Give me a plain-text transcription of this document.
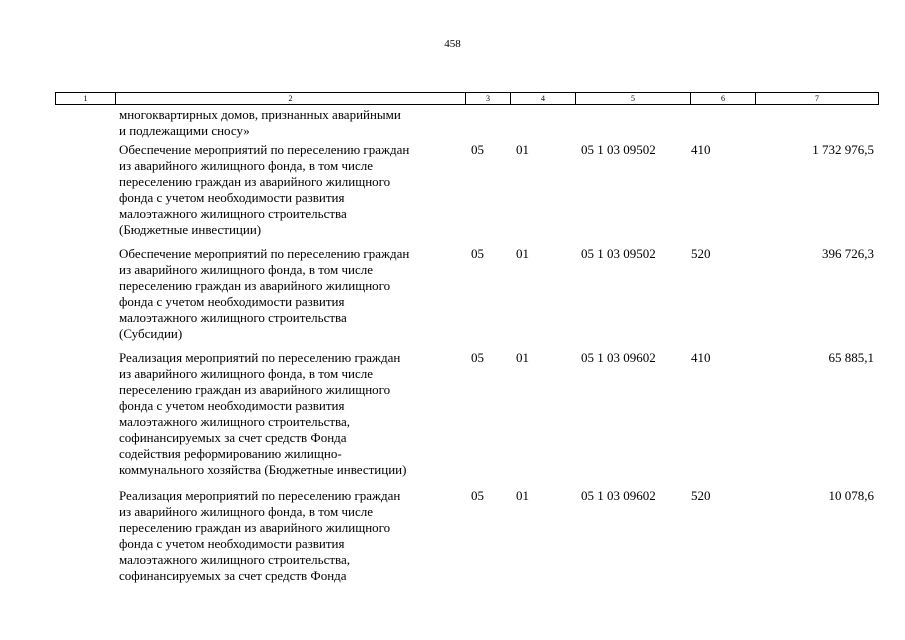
458
1	2	3	4	5	6	7
многоквартирных домов, признанных аварийными
и подлежащими сносу»
Обеспечение мероприятий по переселению граждан
из аварийного жилищного фонда, в том числе
переселению граждан из аварийного жилищного
фонда с учетом необходимости развития
малоэтажного жилищного строительства
(Бюджетные инвестиции)
05 01	05 1 03 09502	410	1 732 976,5
Обеспечение мероприятий по переселению граждан
из аварийного жилищного фонда, в том числе
переселению граждан из аварийного жилищного
фонда с учетом необходимости развития
малоэтажного жилищного строительства
(Субсидии)
05 01	05 1 03 09502	520	396 726,3
Реализация мероприятий по переселению граждан
из аварийного жилищного фонда, в том числе
переселению граждан из аварийного жилищного
фонда с учетом необходимости развития
малоэтажного жилищного строительства,
софинансируемых за счет средств Фонда
содействия реформированию жилищно-
коммунального хозяйства (Бюджетные инвестиции)
05 01	05 1 03 09602	410	65 885,1
Реализация мероприятий по переселению граждан
из аварийного жилищного фонда, в том числе
переселению граждан из аварийного жилищного
фонда с учетом необходимости развития
малоэтажного жилищного строительства,
софинансируемых за счет средств Фонда
05 01	05 1 03 09602	520	10 078,6
